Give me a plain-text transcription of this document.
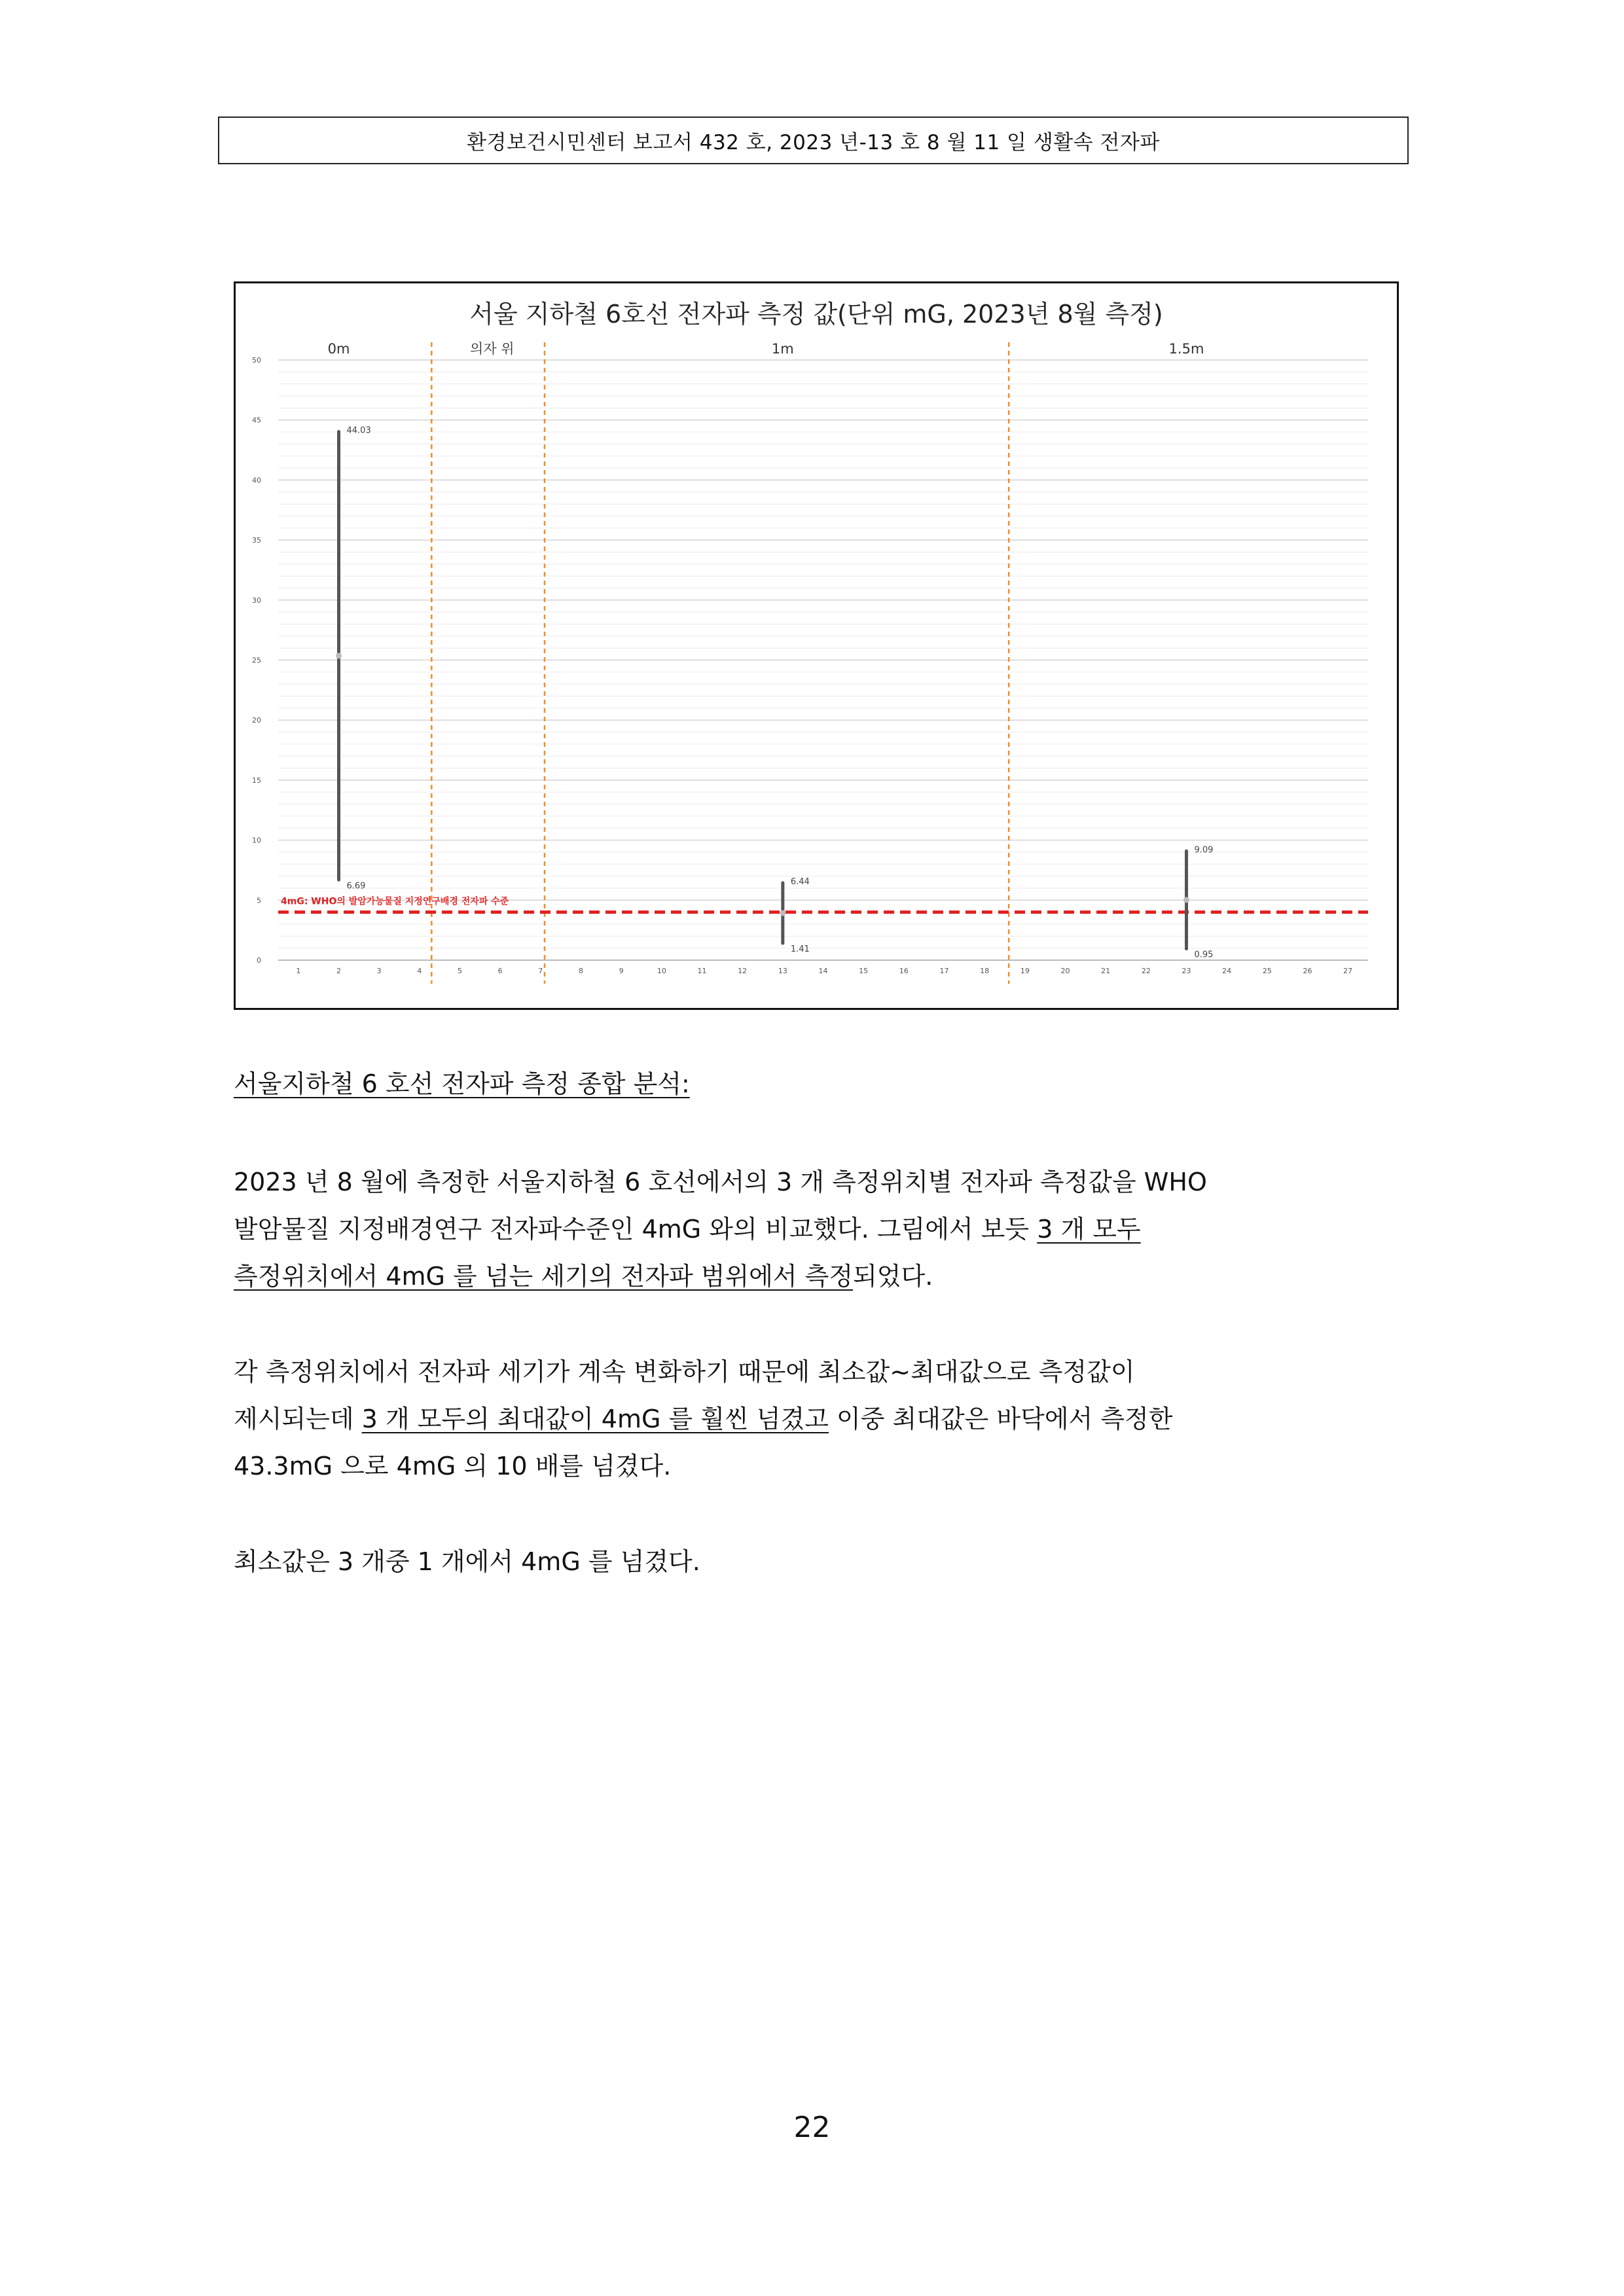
환경보건시민센터 보고서 432 호, 2023 년-13 호 8 월 11 일 생활속 전자파
서울 지하철 6호선 전자파 측정 값(단위 mG, 2023년 8월 측정)
0
5
10
15
20
25
30
35
40
45
50
1	2	3	4	5	6	7	8	9	10	11	12	13	14	15	16	17	18	19	20	21	22	23	24	25	26	27
0m	의자 위	1m	1.5m
4mG: WHO의 발암가능물질 지정연구배경 전자파 수준
44.03
6.69	6.44
1.41
9.09
0.95
서울지하철 6 호선 전자파 측정 종합 분석:
2023 년 8 월에 측정한 서울지하철 6 호선에서의 3 개 측정위치별 전자파 측정값을 WHO
발암물질 지정배경연구 전자파수준인 4mG 와의 비교했다. 그림에서 보듯 3 개 모두
측정위치에서 4mG 를 넘는 세기의 전자파 범위에서 측정되었다.
각 측정위치에서 전자파 세기가 계속 변화하기 때문에 최소값~최대값으로 측정값이
제시되는데 3 개 모두의 최대값이 4mG 를 훨씬 넘겼고 이중 최대값은 바닥에서 측정한
43.3mG 으로 4mG 의 10 배를 넘겼다.
최소값은 3 개중 1 개에서 4mG 를 넘겼다.
22
